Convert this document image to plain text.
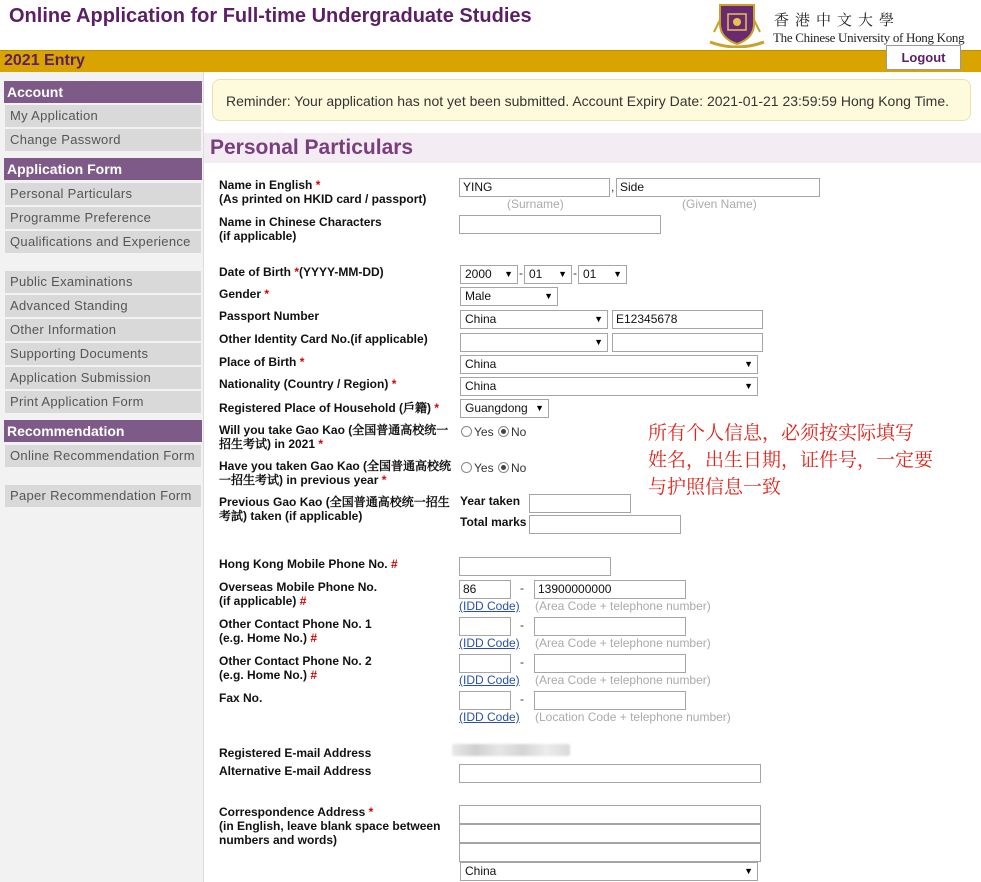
Online Application for Full-time Undergraduate Studies	香港中文大學
The Chinese University of Hong Kong
2021 Entry	Logout
Account
My Application
Change Password
Application Form
Personal Particulars
Programme Preference
Qualifications and Experience
Public Examinations
Advanced Standing
Other Information
Supporting Documents
Application Submission
Print Application Form
Recommendation
Online Recommendation Form
Paper Recommendation Form
Reminder: Your application has not yet been submitted. Account Expiry Date: 2021-01-21 23:59:59 Hong Kong Time.
Personal Particulars
Name in English *
(As printed on HKID card / passport)
YING	, Side
(Surname)	(Given Name)
Name in Chinese Characters
(if applicable)
Date of Birth *(YYYY-MM-DD)	2000 ▼ - 01 ▼ - 01 ▼
Gender *	Male	▼
Passport Number	China	▼	E12345678
Other Identity Card No.(if applicable)	▼
Place of Birth *	China	▼
Nationality (Country / Region) *	China	▼
Registered Place of Household (戶籍) *	Guangdong ▼
Will you take Gao Kao (全国普通高校统一
招生考试) in 2021 *
Yes	No
Have you taken Gao Kao (全国普通高校统
一招生考试) in previous year *
Yes	No
Previous Gao Kao (全国普通高校统一招生
考試) taken (if applicable)
Year taken
Total marks
所有个人信息，必须按实际填写
姓名，出生日期，证件号，一定要
与护照信息一致
Hong Kong Mobile Phone No. #
Overseas Mobile Phone No.
(if applicable) #
86	-	13900000000
(IDD Code) (Area Code + telephone number)
Other Contact Phone No. 1
(e.g. Home No.) #
-
(IDD Code) (Area Code + telephone number)
Other Contact Phone No. 2
(e.g. Home No.) #
-
(IDD Code) (Area Code + telephone number)
Fax No.	-
(IDD Code) (Location Code + telephone number)
Registered E-mail Address
Alternative E-mail Address
Correspondence Address *
(in English, leave blank space between
numbers and words)
China	▼
